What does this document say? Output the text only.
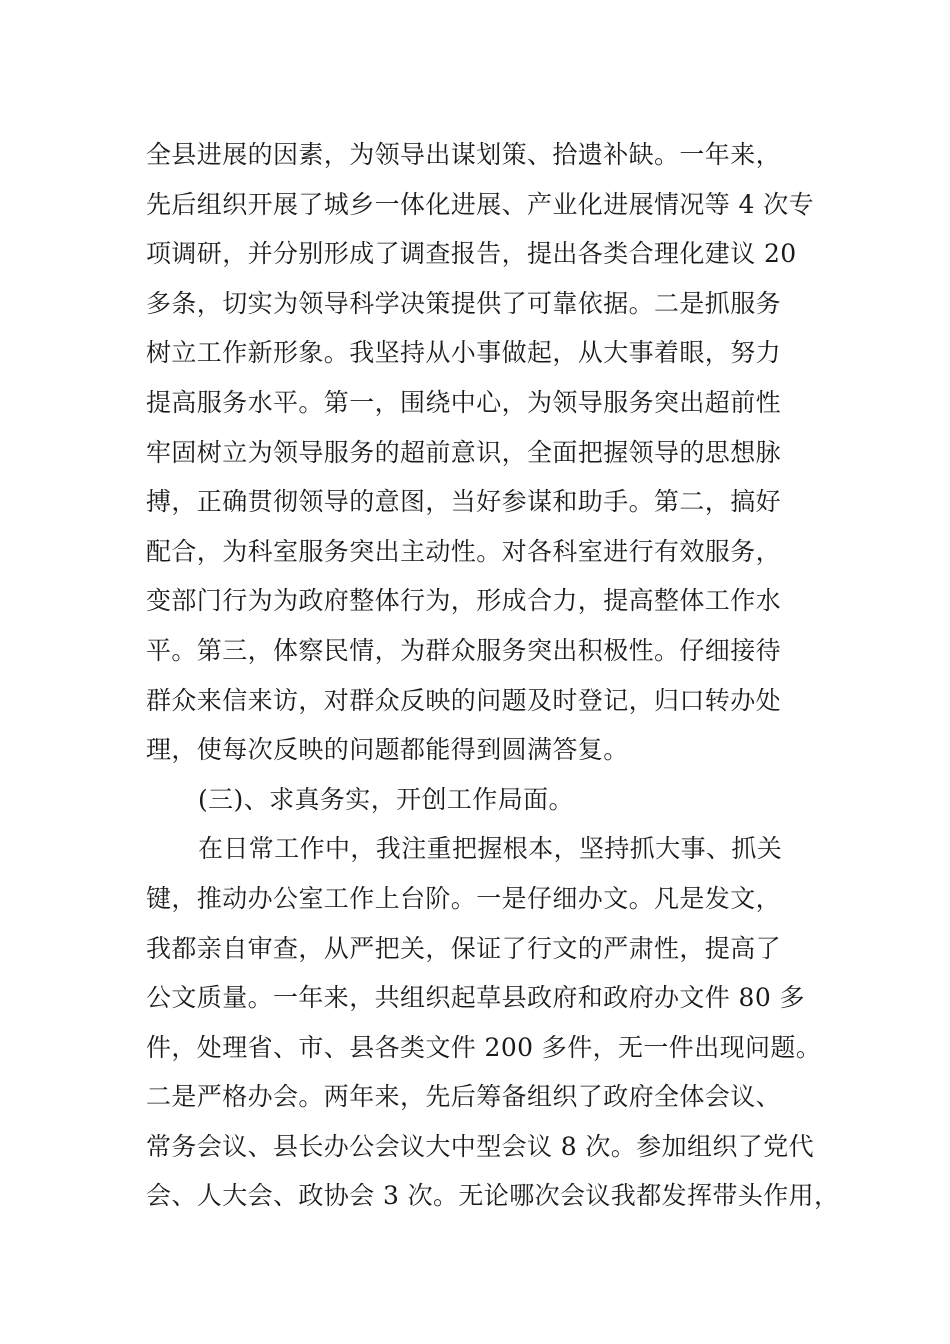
全县进展的因素，为领导出谋划策、拾遗补缺。一年来，
先后组织开展了城乡一体化进展、产业化进展情况等 4 次专
项调研，并分别形成了调查报告，提出各类合理化建议 20
多条，切实为领导科学决策提供了可靠依据。二是抓服务
树立工作新形象。我坚持从小事做起，从大事着眼，努力
提高服务水平。第一，围绕中心，为领导服务突出超前性
牢固树立为领导服务的超前意识，全面把握领导的思想脉
搏，正确贯彻领导的意图，当好参谋和助手。第二，搞好
配合，为科室服务突出主动性。对各科室进行有效服务，
变部门行为为政府整体行为，形成合力，提高整体工作水
平。第三，体察民情，为群众服务突出积极性。仔细接待
群众来信来访，对群众反映的问题及时登记，归口转办处
理，使每次反映的问题都能得到圆满答复。
(三)、求真务实，开创工作局面。
在日常工作中，我注重把握根本，坚持抓大事、抓关
键，推动办公室工作上台阶。一是仔细办文。凡是发文，
我都亲自审查，从严把关，保证了行文的严肃性，提高了
公文质量。一年来，共组织起草县政府和政府办文件 80 多
件，处理省、市、县各类文件 200 多件，无一件出现问题。
二是严格办会。两年来，先后筹备组织了政府全体会议、
常务会议、县长办公会议大中型会议 8 次。参加组织了党代
会、人大会、政协会 3 次。无论哪次会议我都发挥带头作用，
